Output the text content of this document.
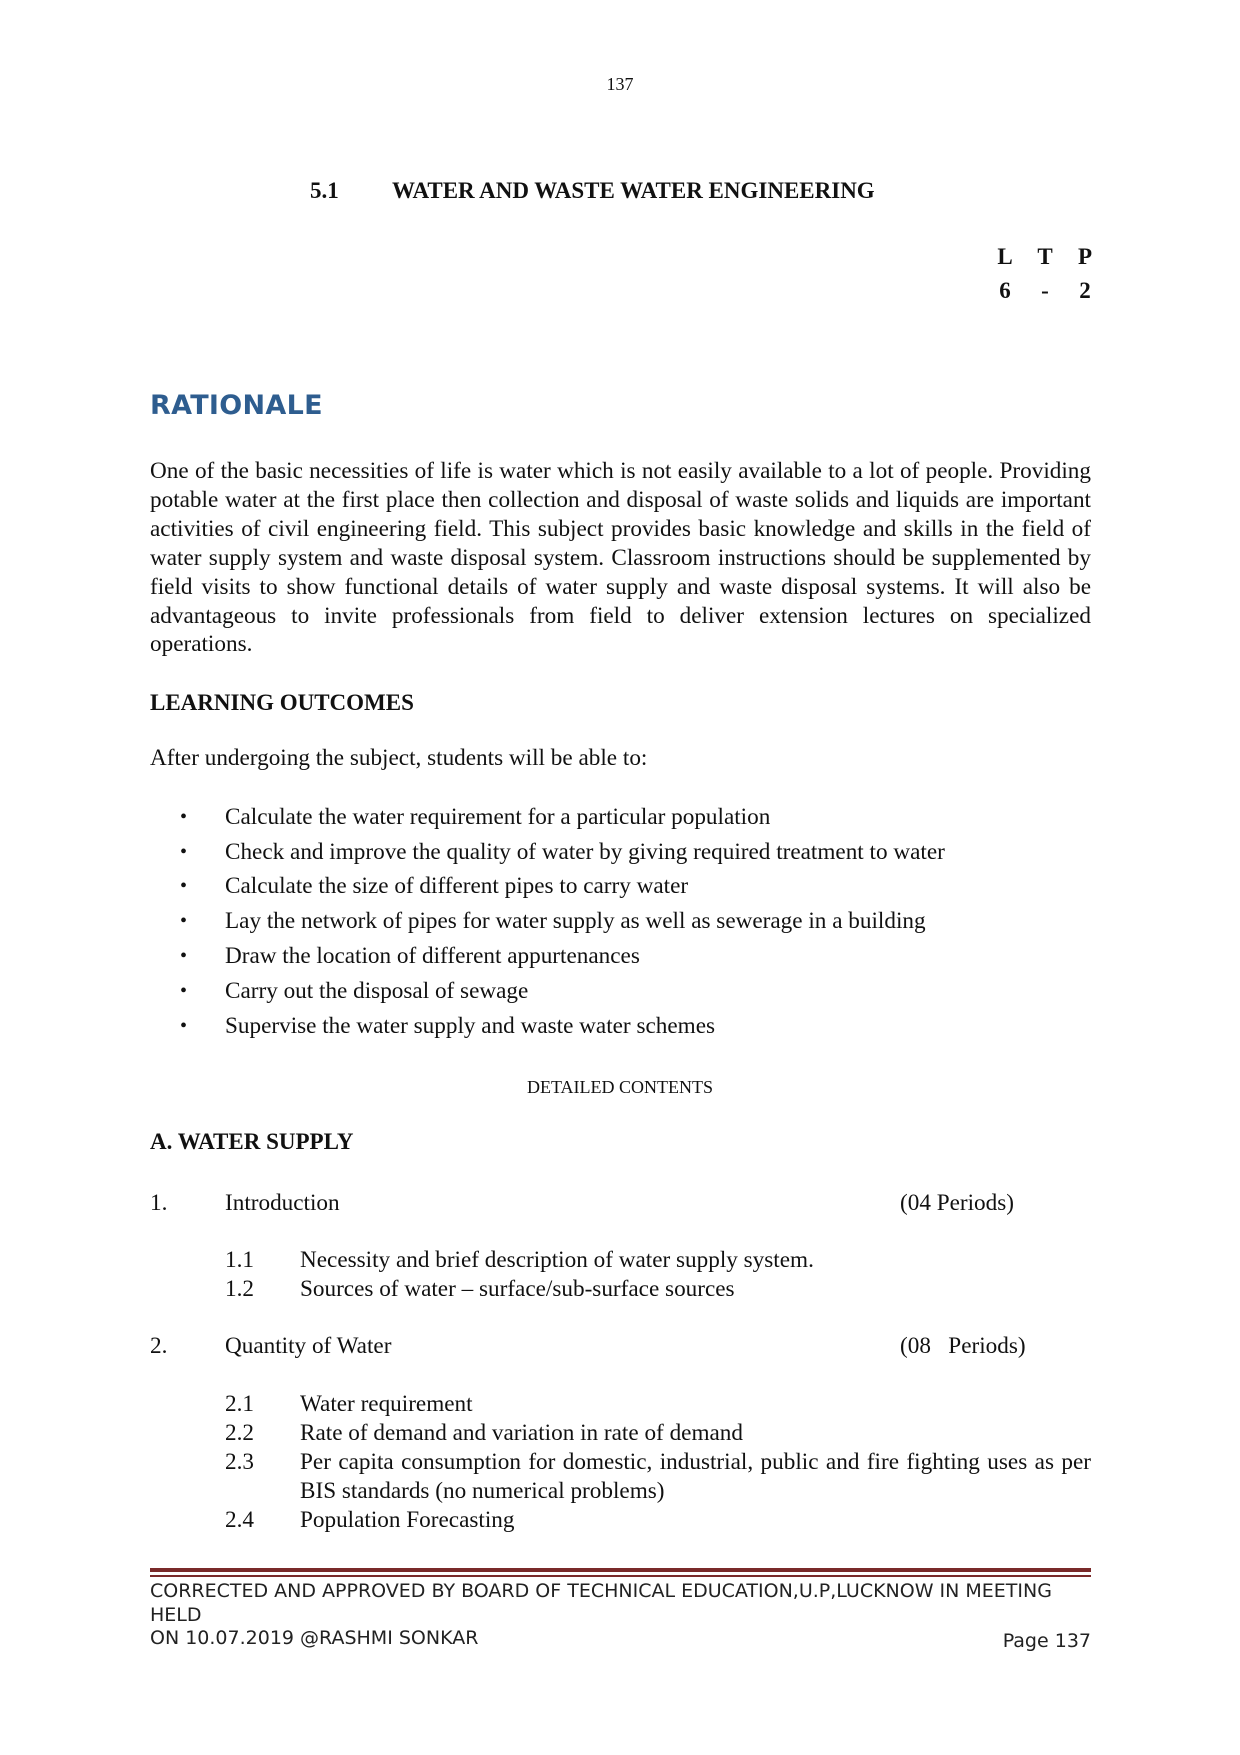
137
5.1 WATER AND WASTE WATER ENGINEERING
L	T	P
6	-	2
RATIONALE
One of the basic necessities of life is water which is not easily available to a lot of people. Providing potable water at the first place then collection and disposal of waste solids and liquids are important activities of civil engineering field. This subject provides basic knowledge and skills in the field of water supply system and waste disposal system. Classroom instructions should be supplemented by field visits to show functional details of water supply and waste disposal systems. It will also be advantageous to invite professionals from field to deliver extension lectures on specialized operations.
LEARNING OUTCOMES
After undergoing the subject, students will be able to:
•	Calculate the water requirement for a particular population
•	Check and improve the quality of water by giving required treatment to water
•	Calculate the size of different pipes to carry water
•	Lay the network of pipes for water supply as well as sewerage in a building
•	Draw the location of different appurtenances
•	Carry out the disposal of sewage
•	Supervise the water supply and waste water schemes
DETAILED CONTENTS
A. WATER SUPPLY
1.	Introduction	(04 Periods)
1.1	Necessity and brief description of water supply system.
1.2	Sources of water – surface/sub-surface sources
2.	Quantity of Water	(08   Periods)
2.1	Water requirement
2.2	Rate of demand and variation in rate of demand
2.3	Per capita consumption for domestic, industrial, public and fire fighting uses as per BIS standards (no numerical problems)
2.4	Population Forecasting
CORRECTED AND APPROVED BY BOARD OF TECHNICAL EDUCATION,U.P,LUCKNOW IN MEETING HELD
ON 10.07.2019 @RASHMI SONKAR	Page 137
